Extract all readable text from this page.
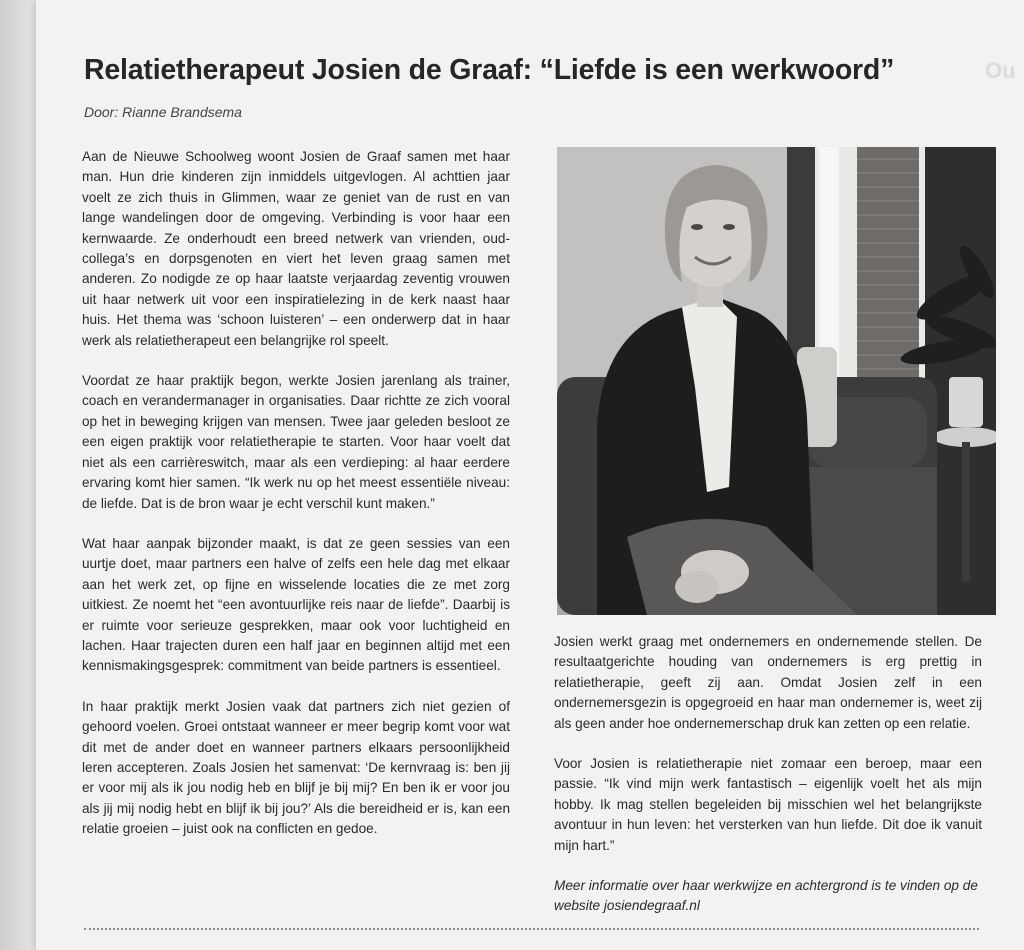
Relatietherapeut Josien de Graaf: “Liefde is een werkwoord”	Ou
Door: Rianne Brandsema

Aan de Nieuwe Schoolweg woont Josien de Graaf samen met haar man. Hun drie kinderen zijn inmiddels uitgevlogen. Al achttien jaar voelt ze zich thuis in Glimmen, waar ze geniet van de rust en van lange wandelingen door de omgeving. Verbinding is voor haar een kernwaarde. Ze onderhoudt een breed netwerk van vrienden, oud-collega’s en dorpsgenoten en viert het leven graag samen met anderen. Zo nodigde ze op haar laatste verjaardag zeventig vrouwen uit haar netwerk uit voor een inspiratielezing in de kerk naast haar huis. Het thema was ‘schoon luisteren’ – een onderwerp dat in haar werk als relatietherapeut een belangrijke rol speelt.

Voordat ze haar praktijk begon, werkte Josien jarenlang als trainer, coach en verandermanager in organisaties. Daar richtte ze zich vooral op het in beweging krijgen van mensen. Twee jaar geleden besloot ze een eigen praktijk voor relatietherapie te starten. Voor haar voelt dat niet als een carrièreswitch, maar als een verdieping: al haar eerdere ervaring komt hier samen. “Ik werk nu op het meest essentiële niveau: de liefde. Dat is de bron waar je echt verschil kunt maken.”

Wat haar aanpak bijzonder maakt, is dat ze geen sessies van een uurtje doet, maar partners een halve of zelfs een hele dag met elkaar aan het werk zet, op fijne en wisselende locaties die ze met zorg uitkiest. Ze noemt het “een avontuurlijke reis naar de liefde”. Daarbij is er ruimte voor serieuze gesprekken, maar ook voor luchtigheid en lachen. Haar trajecten duren een half jaar en beginnen altijd met een kennismakingsgesprek: commitment van beide partners is essentieel.

In haar praktijk merkt Josien vaak dat partners zich niet gezien of gehoord voelen. Groei ontstaat wanneer er meer begrip komt voor wat dit met de ander doet en wanneer partners elkaars persoonlijkheid leren accepteren. Zoals Josien het samenvat: ‘De kernvraag is: ben jij er voor mij als ik jou nodig heb en blijf je bij mij? En ben ik er voor jou als jij mij nodig hebt en blijf ik bij jou?’ Als die bereidheid er is, kan een relatie groeien – juist ook na conflicten en gedoe.

Josien werkt graag met ondernemers en ondernemende stellen. De resultaatgerichte houding van ondernemers is erg prettig in relatietherapie, geeft zij aan. Omdat Josien zelf in een ondernemersgezin is opgegroeid en haar man ondernemer is, weet zij als geen ander hoe ondernemerschap druk kan zetten op een relatie.

Voor Josien is relatietherapie niet zomaar een beroep, maar een passie. “Ik vind mijn werk fantastisch – eigenlijk voelt het als mijn hobby. Ik mag stellen begeleiden bij misschien wel het belangrijkste avontuur in hun leven: het versterken van hun liefde. Dit doe ik vanuit mijn hart.”

Meer informatie over haar werkwijze en achtergrond is te vinden op de website josiendegraaf.nl
